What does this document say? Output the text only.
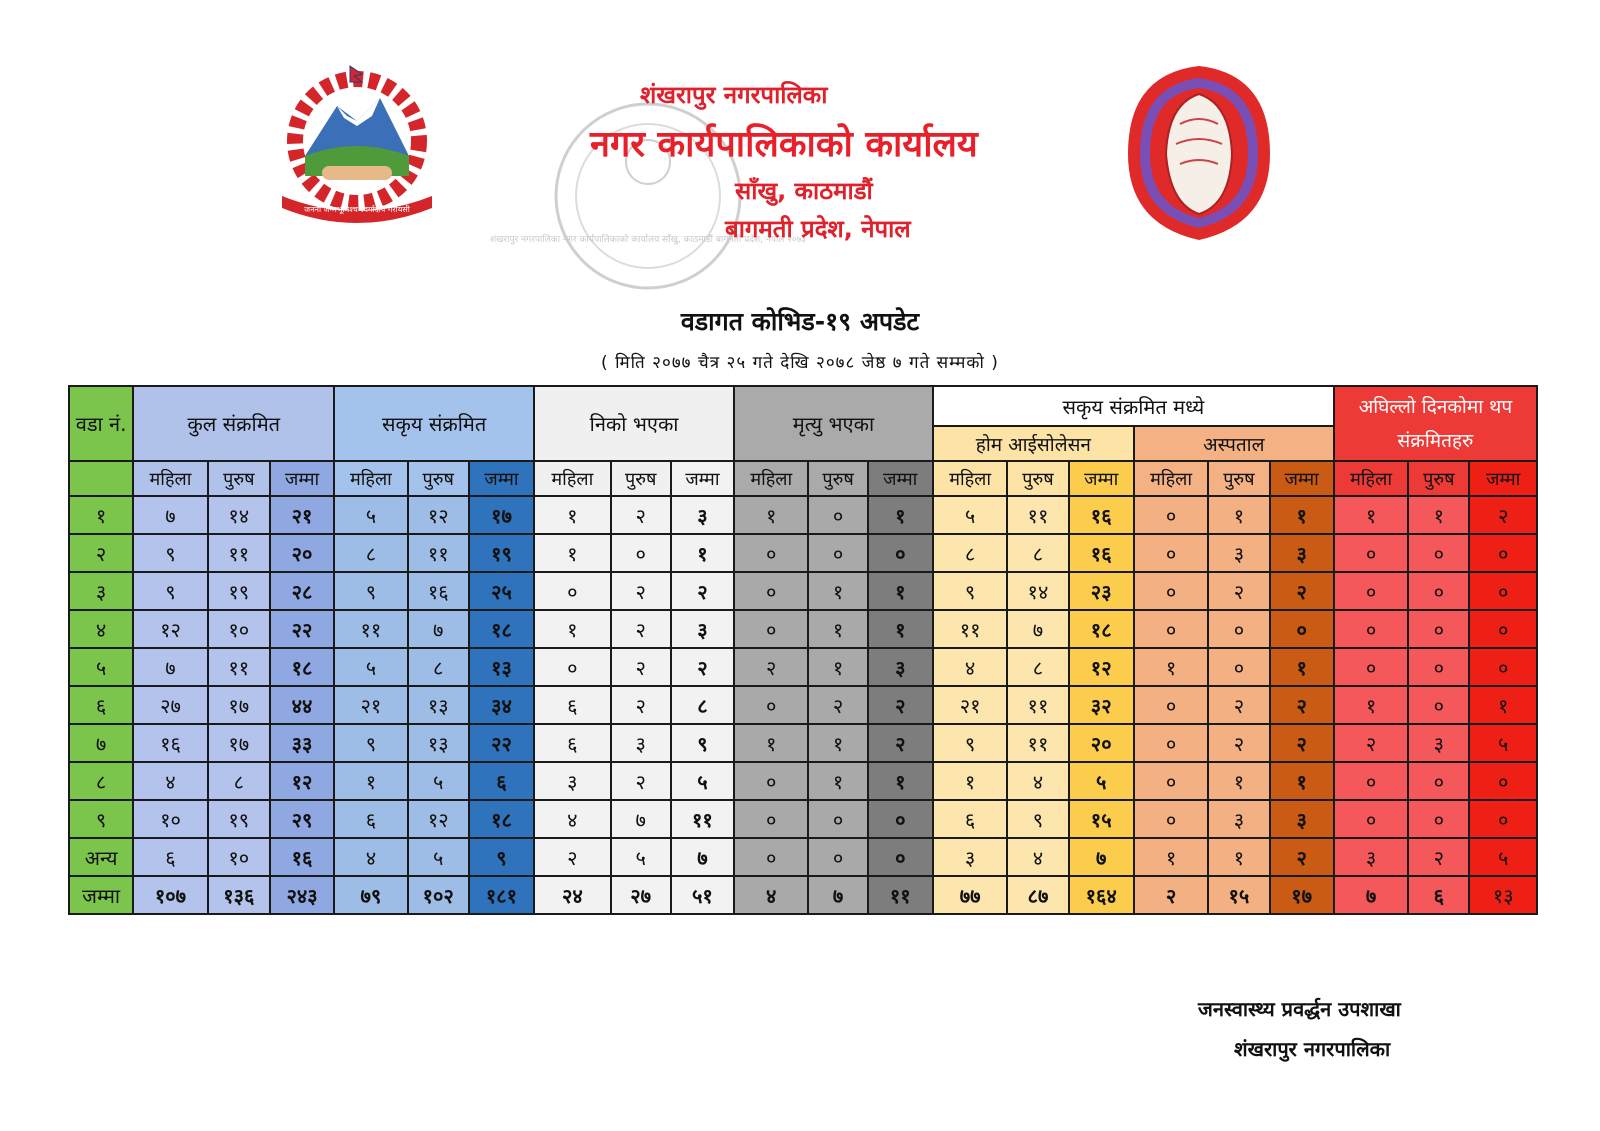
जननी जन्मभूमिश्च स्वर्गादपि गरीयसी
शंखरापुर नगरपालिका नगर कार्यपालिकाको कार्यालय साँखु, काठमाडौं बागमती प्रदेश, नेपाल २०७३
शंखरापुर नगरपालिका
नगर कार्यपालिकाको कार्यालय
साँखु, काठमाडौं
बागमती प्रदेश, नेपाल
वडागत कोभिड-१९ अपडेट
( मिति २०७७ चैत्र २५ गते देखि २०७८ जेष्ठ ७ गते सम्मको )
वडा नं.	कुल संक्रमित			सकृय संक्रमित			निको भएका			मृत्यु भएका			सकृय संक्रमित मध्ये						अघिल्लो दिनकोमा थप संक्रमितहरु		
													होम आईसोलेसन			अस्पताल					
	महिला	पुरुष	जम्मा	महिला	पुरुष	जम्मा	महिला	पुरुष	जम्मा	महिला	पुरुष	जम्मा	महिला	पुरुष	जम्मा	महिला	पुरुष	जम्मा	महिला	पुरुष	जम्मा
१	७	१४	२१	५	१२	१७	१	२	३	१	०	१	५	११	१६	०	१	१	१	१	२
२	९	११	२०	८	११	१९	१	०	१	०	०	०	८	८	१६	०	३	३	०	०	०
३	९	१९	२८	९	१६	२५	०	२	२	०	१	१	९	१४	२३	०	२	२	०	०	०
४	१२	१०	२२	११	७	१८	१	२	३	०	१	१	११	७	१८	०	०	०	०	०	०
५	७	११	१८	५	८	१३	०	२	२	२	१	३	४	८	१२	१	०	१	०	०	०
६	२७	१७	४४	२१	१३	३४	६	२	८	०	२	२	२१	११	३२	०	२	२	१	०	१
७	१६	१७	३३	९	१३	२२	६	३	९	१	१	२	९	११	२०	०	२	२	२	३	५
८	४	८	१२	१	५	६	३	२	५	०	१	१	१	४	५	०	१	१	०	०	०
९	१०	१९	२९	६	१२	१८	४	७	११	०	०	०	६	९	१५	०	३	३	०	०	०
अन्य	६	१०	१६	४	५	९	२	५	७	०	०	०	३	४	७	१	१	२	३	२	५
जम्मा	१०७	१३६	२४३	७९	१०२	१८१	२४	२७	५१	४	७	११	७७	८७	१६४	२	१५	१७	७	६	१३
जनस्वास्थ्य प्रवर्द्धन उपशाखा
शंखरापुर नगरपालिका
